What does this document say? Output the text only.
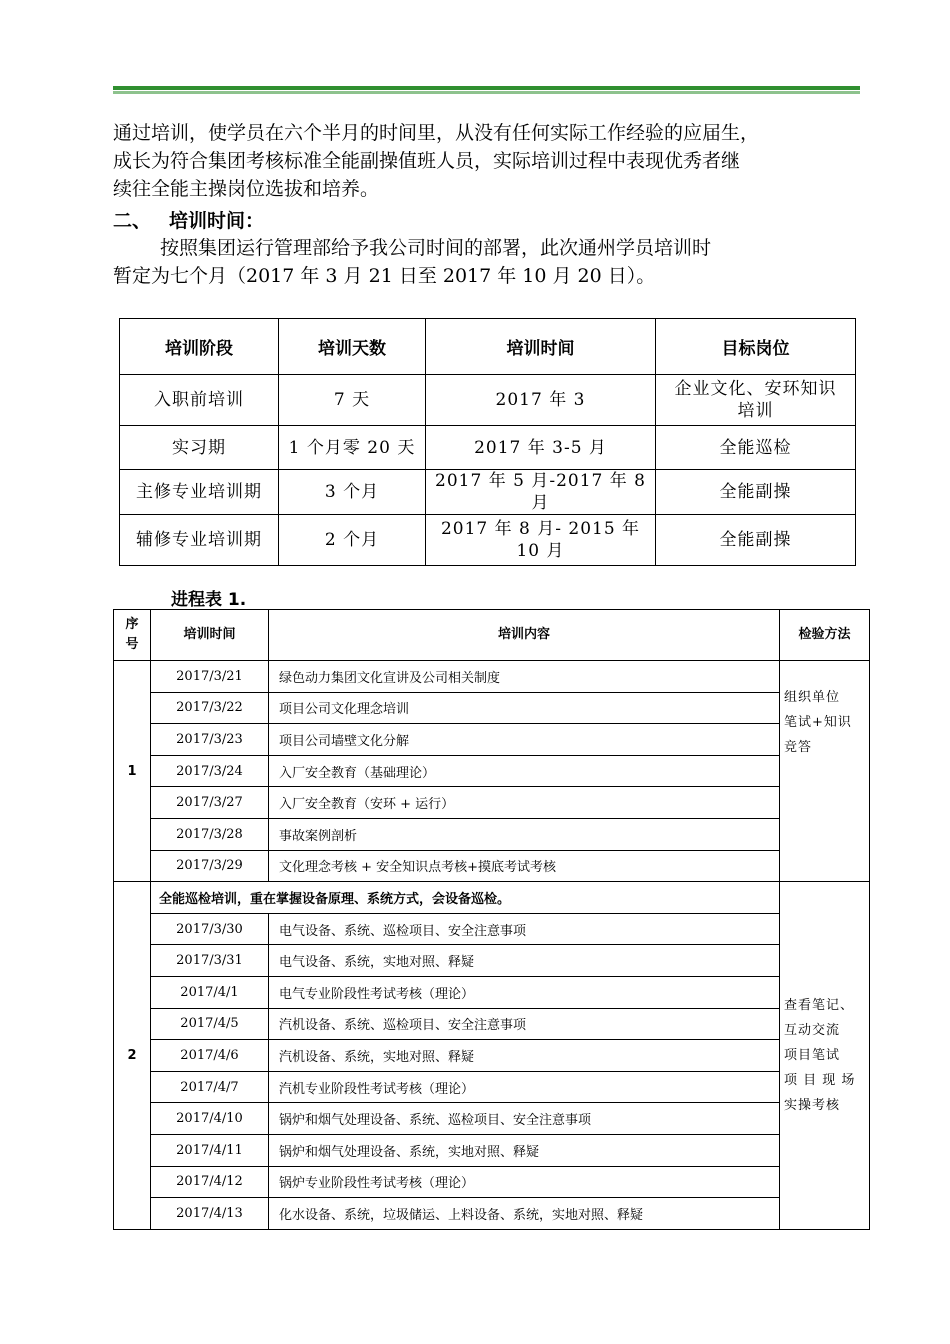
通过培训，使学员在六个半月的时间里，从没有任何实际工作经验的应届生，
成长为符合集团考核标准全能副操值班人员，实际培训过程中表现优秀者继
续往全能主操岗位选拔和培养。
二、 培训时间：
按照集团运行管理部给予我公司时间的部署，此次通州学员培训时
暂定为七个月（2017 年 3 月 21 日至 2017 年 10 月 20 日）。
培训阶段	培训天数	培训时间	目标岗位
入职前培训	7 天	2017 年 3	企业文化、安环知识
培训

实习期	1 个月零 20 天	2017 年 3-5 月	全能巡检
主修专业培训期	3 个月	2017 年 5 月-2017 年 8 月	全能副操
辅修专业培训期	2 个月	2017 年 8 月- 2015 年 10 月	全能副操
进程表 1.
序
号	培训时间	培训内容	检验方法
1	2017/3/21	绿色动力集团文化宣讲及公司相关制度	组织单位
笔试+知识
竞答

	2017/3/22	项目公司文化理念培训	
	2017/3/23	项目公司墙壁文化分解	
	2017/3/24	入厂安全教育（基础理论）	
	2017/3/27	入厂安全教育（安环 + 运行）	
	2017/3/28	事故案例剖析	
	2017/3/29	文化理念考核 + 安全知识点考核+摸底考试考核	
2	全能巡检培训，重在掌握设备原理、系统方式，会设备巡检。		查看笔记、
互动交流
项目笔试
项 目 现 场
实操考核

	2017/3/30	电气设备、系统、巡检项目、安全注意事项	
	2017/3/31	电气设备、系统，实地对照、释疑	
	2017/4/1	电气专业阶段性考试考核（理论）	
	2017/4/5	汽机设备、系统、巡检项目、安全注意事项	
	2017/4/6	汽机设备、系统，实地对照、释疑	
	2017/4/7	汽机专业阶段性考试考核（理论）	
	2017/4/10	锅炉和烟气处理设备、系统、巡检项目、安全注意事项	
	2017/4/11	锅炉和烟气处理设备、系统，实地对照、释疑	
	2017/4/12	锅炉专业阶段性考试考核（理论）	
	2017/4/13	化水设备、系统，垃圾储运、上料设备、系统，实地对照、释疑	
